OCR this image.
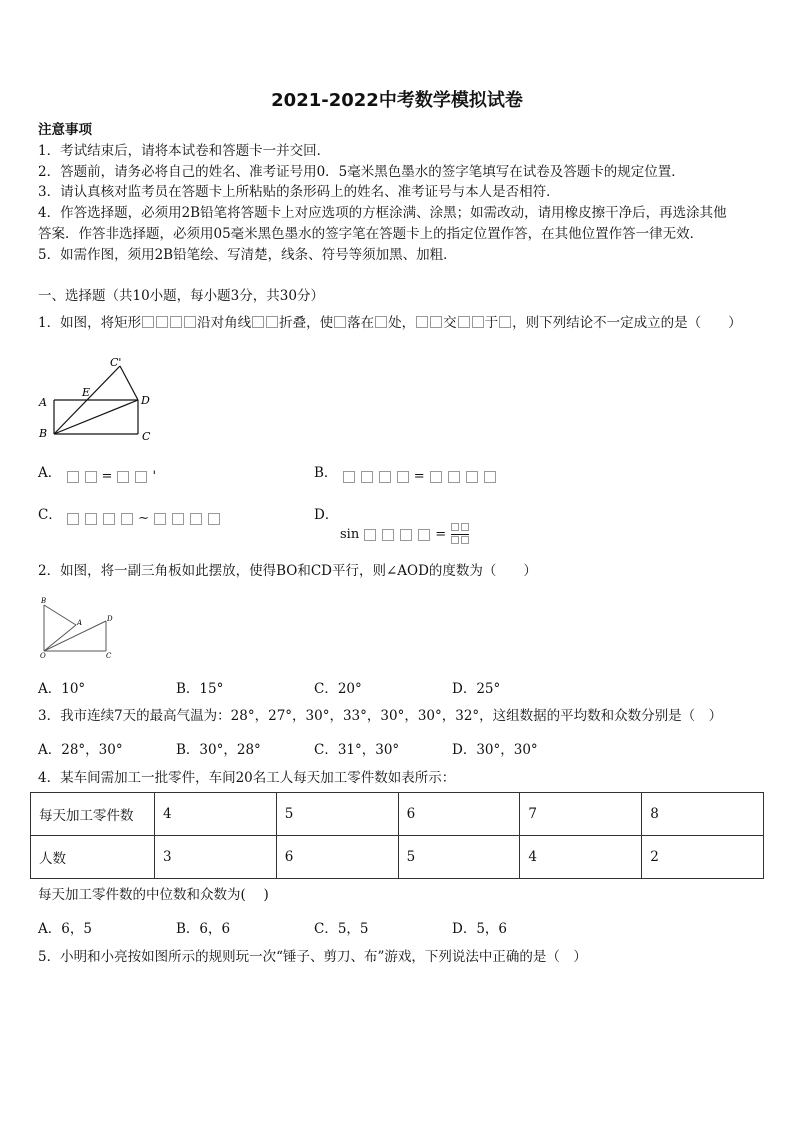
2021-2022中考数学模拟试卷
注意事项
1．考试结束后，请将本试卷和答题卡一并交回．
2．答题前，请务必将自己的姓名、准考证号用0．5毫米黑色墨水的签字笔填写在试卷及答题卡的规定位置．
3．请认真核对监考员在答题卡上所粘贴的条形码上的姓名、准考证号与本人是否相符．
4．作答选择题，必须用2B铅笔将答题卡上对应选项的方框涂满、涂黑；如需改动，请用橡皮擦干净后，再选涂其他
答案．作答非选择题，必须用05毫米黑色墨水的签字笔在答题卡上的指定位置作答，在其他位置作答一律无效．
5．如需作图，须用2B铅笔绘、写清楚，线条、符号等须加黑、加粗．
一、选择题（共10小题，每小题3分，共30分）
1．如图，将矩形	沿对角线 折叠，使 落在 处， 交 于 ，则下列结论不一定成立的是（　　）
C'
E
A	D
B	C
A．	=	'	B．	=
C．	∼	D．

sin	=
2．如图，将一副三角板如此摆放，使得BO和CD平行，则∠AOD的度数为（　　）
B
A	D
O	C
A．10°	B．15°	C．20°	D．25°
3．我市连续7天的最高气温为：28°，27°，30°，33°，30°，30°，32°，这组数据的平均数和众数分别是（　）
A．28°，30°	B．30°，28°	C．31°，30°	D．30°，30°
4．某车间需加工一批零件，车间20名工人每天加工零件数如表所示：
每天加工零件数	4	5	6	7	8
人数	3	6	5	4	2
每天加工零件数的中位数和众数为(　 )
A．6，5	B．6，6	C．5，5	D．5，6
5．小明和小亮按如图所示的规则玩一次“锤子、剪刀、布”游戏，下列说法中正确的是（　）
